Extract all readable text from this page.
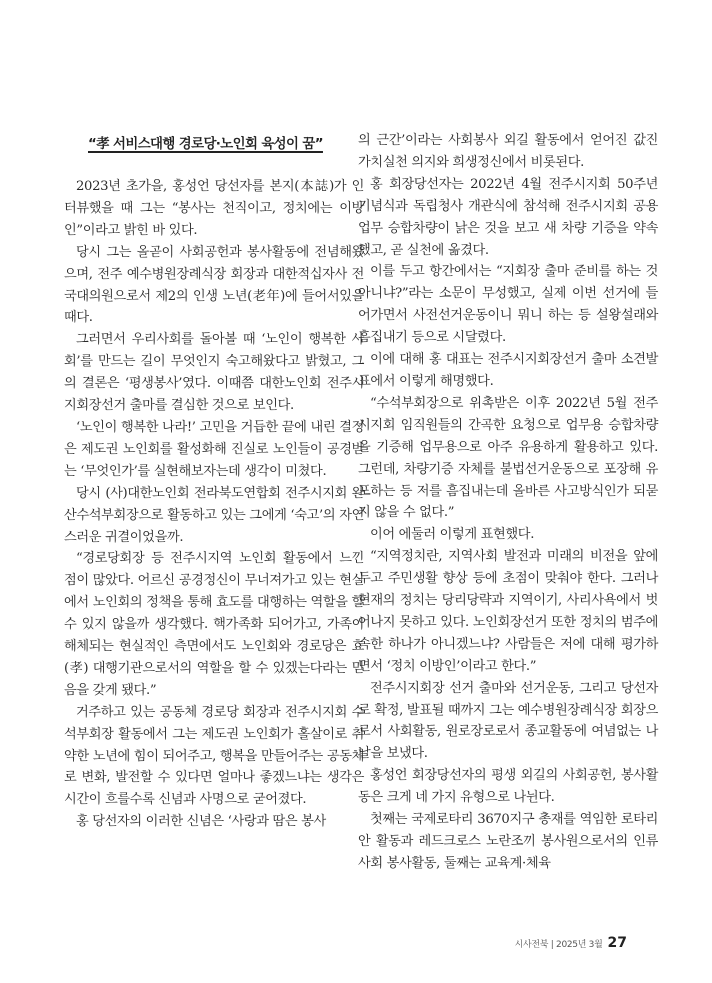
“孝 서비스대행 경로당·노인회 육성이 꿈”

2023년 초가을, 홍성언 당선자를 본지(本誌)가 인터뷰했을 때 그는 “봉사는 천직이고, 정치에는 이방인”이라고 밝힌 바 있다.

당시 그는 올곧이 사회공헌과 봉사활동에 전념해왔으며, 전주 예수병원장례식장 회장과 대한적십자사 전국대의원으로서 제2의 인생 노년(老年)에 들어서있을 때다.

그러면서 우리사회를 돌아볼 때 ‘노인이 행복한 사회’를 만드는 길이 무엇인지 숙고해왔다고 밝혔고, 그의 결론은 ‘평생봉사’였다. 이때쯤 대한노인회 전주시지회장선거 출마를 결심한 것으로 보인다.

‘노인이 행복한 나라!’ 고민을 거듭한 끝에 내린 결정은 제도권 노인회를 활성화해 진실로 노인들이 공경받는 ‘무엇인가’를 실현해보자는데 생각이 미쳤다.

당시 (사)대한노인회 전라북도연합회 전주시지회 완산수석부회장으로 활동하고 있는 그에게 ‘숙고’의 자연스러운 귀결이었을까.

“경로당회장 등 전주시지역 노인회 활동에서 느낀 점이 많았다. 어르신 공경정신이 무너져가고 있는 현실에서 노인회의 정책을 통해 효도를 대행하는 역할을 할 수 있지 않을까 생각했다. 핵가족화 되어가고, 가족이 해체되는 현실적인 측면에서도 노인회와 경로당은 효(孝) 대행기관으로서의 역할을 할 수 있겠는다라는 믿음을 갖게 됐다.”

거주하고 있는 공동체 경로당 회장과 전주시지회 수석부회장 활동에서 그는 제도권 노인회가 홀살이로 취약한 노년에 힘이 되어주고, 행복을 만들어주는 공동체로 변화, 발전할 수 있다면 얼마나 좋겠느냐는 생각은 시간이 흐를수록 신념과 사명으로 굳어졌다.

홍 당선자의 이러한 신념은 ‘사랑과 땀은 봉사

의 근간’이라는 사회봉사 외길 활동에서 얻어진 값진 가치실천 의지와 희생정신에서 비롯된다.

홍 회장당선자는 2022년 4월 전주시지회 50주년 기념식과 독립청사 개관식에 참석해 전주시지회 공용업무 승합차량이 낡은 것을 보고 새 차량 기증을 약속했고, 곧 실천에 옮겼다.

이를 두고 항간에서는 “지회장 출마 준비를 하는 것 아니냐?”라는 소문이 무성했고, 실제 이번 선거에 들어가면서 사전선거운동이니 뭐니 하는 등 설왕설래와 흠집내기 등으로 시달렸다.

이에 대해 홍 대표는 전주시지회장선거 출마 소견발표에서 이렇게 해명했다.

“수석부회장으로 위촉받은 이후 2022년 5월 전주시지회 임직원들의 간곡한 요청으로 업무용 승합차량을 기증해 업무용으로 아주 유용하게 활용하고 있다. 그런데, 차량기증 자체를 불법선거운동으로 포장해 유포하는 등 저를 흠집내는데 올바른 사고방식인가 되묻지 않을 수 없다.”

이어 에둘러 이렇게 표현했다.

“지역정치란, 지역사회 발전과 미래의 비전을 앞에 두고 주민생활 향상 등에 초점이 맞춰야 한다. 그러나 현재의 정치는 당리당략과 지역이기, 사리사욕에서 벗어나지 못하고 있다. 노인회장선거 또한 정치의 범주에 속한 하나가 아니겠느냐? 사람들은 저에 대해 평가하면서 ‘정치 이방인’이라고 한다.”

전주시지회장 선거 출마와 선거운동, 그리고 당선자로 확정, 발표될 때까지 그는 예수병원장례식장 회장으로서 사회활동, 원로장로로서 종교활동에 여념없는 나날을 보냈다.

홍성언 회장당선자의 평생 외길의 사회공헌, 봉사활동은 크게 네 가지 유형으로 나뉜다.

첫째는 국제로타리 3670지구 총재를 역임한 로타리안 활동과 레드크로스 노란조끼 봉사원으로서의 인류사회 봉사활동, 둘째는 교육계·체육

시사전북 | 2025년 3월 27
